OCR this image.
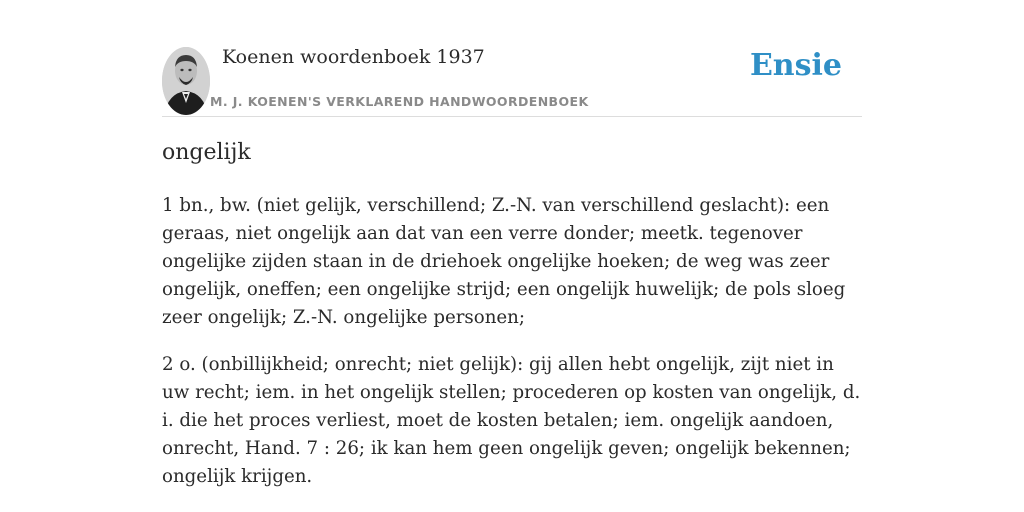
Koenen woordenboek 1937
M. J. KOENEN'S VERKLAREND HANDWOORDENBOEK
Ensie
ongelijk

1 bn., bw. (niet gelijk, verschillend; Z.-N. van verschillend geslacht): een geraas, niet ongelijk aan dat van een verre donder; meetk. tegenover ongelijke zijden staan in de driehoek ongelijke hoeken; de weg was zeer ongelijk, oneffen; een ongelijke strijd; een ongelijk huwelijk; de pols sloeg zeer ongelijk; Z.-N. ongelijke personen;

2 o. (onbillijkheid; onrecht; niet gelijk): gij allen hebt ongelijk, zijt niet in uw recht; iem. in het ongelijk stellen; procederen op kosten van ongelijk, d. i. die het proces verliest, moet de kosten betalen; iem. ongelijk aandoen, onrecht, Hand. 7 : 26; ik kan hem geen ongelijk geven; ongelijk bekennen; ongelijk krijgen.
